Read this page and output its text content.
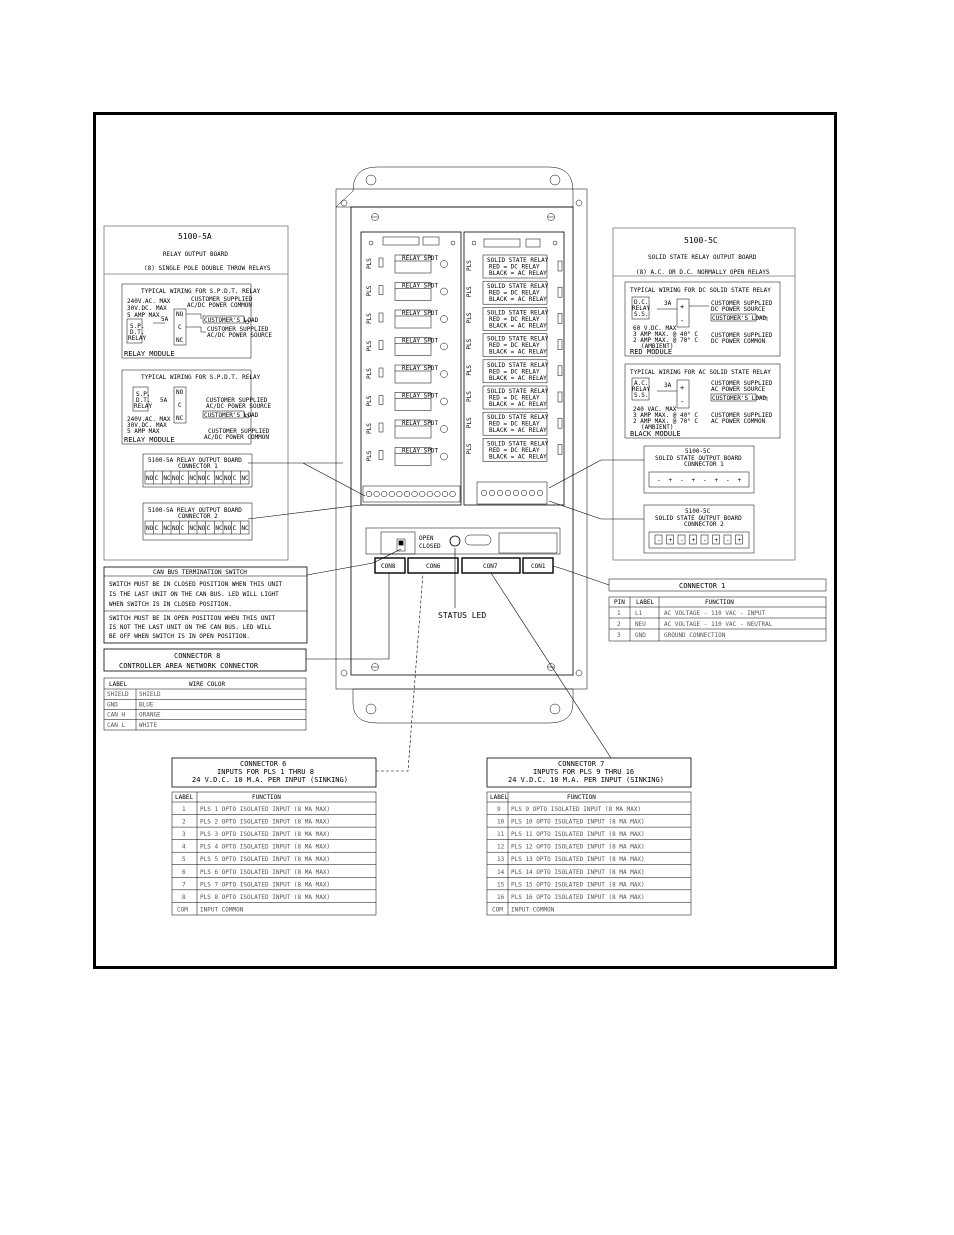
RELAY SPDT
PLS
RELAY SPDT
PLS
RELAY SPDT
PLS
RELAY SPDT
PLS
RELAY SPDT
PLS
RELAY SPDT
PLS
RELAY SPDT
PLS
RELAY SPDT
PLS
SOLID STATE RELAY
RED = DC RELAY
BLACK = AC RELAY
PLS
SOLID STATE RELAY
RED = DC RELAY
BLACK = AC RELAY
PLS
SOLID STATE RELAY
RED = DC RELAY
BLACK = AC RELAY
PLS
SOLID STATE RELAY
RED = DC RELAY
BLACK = AC RELAY
PLS
SOLID STATE RELAY
RED = DC RELAY
BLACK = AC RELAY
PLS
SOLID STATE RELAY
RED = DC RELAY
BLACK = AC RELAY
PLS
SOLID STATE RELAY
RED = DC RELAY
BLACK = AC RELAY
PLS
SOLID STATE RELAY
RED = DC RELAY
BLACK = AC RELAY
PLS
OPEN
CLOSED
CON8	CON6	CON7	CON1
STATUS LED
5100-5A
RELAY OUTPUT BOARD
(8) SINGLE POLE DOUBLE THROW RELAYS
TYPICAL WIRING FOR S.P.D.T. RELAY
240V.AC. MAX
30V.DC. MAX
5 AMP MAX
S.P.
D.T.
RELAY
NO
C
NC
5A
CUSTOMER SUPPLIED
AC/DC POWER COMMON
CUSTOMER'S LOAD
CUSTOMER SUPPLIED
AC/DC POWER SOURCE
RELAY MODULE
TYPICAL WIRING FOR S.P.D.T. RELAY
S.P.
D.T.
RELAY
NO
C
NC
5A
240V.AC. MAX
30V.DC. MAX
5 AMP MAX
CUSTOMER SUPPLIED
AC/DC POWER SOURCE
CUSTOMER'S LOAD
CUSTOMER SUPPLIED
AC/DC POWER COMMON
RELAY MODULE
5100-5A RELAY OUTPUT BOARD
CONNECTOR 1
NO C NC NO C NC NO C NC NO C NC
5100-5A RELAY OUTPUT BOARD
CONNECTOR 2
NO C NC NO C NC NO C NC NO C NC
5100-5C
SOLID STATE RELAY OUTPUT BOARD
(8) A.C. OR D.C. NORMALLY OPEN RELAYS
TYPICAL WIRING FOR DC SOLID STATE RELAY
D.C.
RELAY
S.S.
3A +
-
CUSTOMER SUPPLIED
DC POWER SOURCE
CUSTOMER'S LOAD
CUSTOMER SUPPLIED
DC POWER COMMON
60 V.DC. MAX
3 AMP MAX. @ 40° C
2 AMP MAX. @ 70° C
(AMBIENT)
RED MODULE
TYPICAL WIRING FOR AC SOLID STATE RELAY
A.C.
RELAY
S.S.
3A +
-
CUSTOMER SUPPLIED
AC POWER SOURCE
CUSTOMER'S LOAD
CUSTOMER SUPPLIED
AC POWER COMMON
240 VAC. MAX
3 AMP MAX. @ 40° C
2 AMP MAX. @ 70° C
(AMBIENT)
BLACK MODULE
5100-5C
SOLID STATE OUTPUT BOARD
CONNECTOR 1
- + - + - + - +
5100-5C
SOLID STATE OUTPUT BOARD
CONNECTOR 2
- + - + - + - +
CAN BUS TERMINATION SWITCH
SWITCH MUST BE IN CLOSED POSITION WHEN THIS UNIT
IS THE LAST UNIT ON THE CAN BUS. LED WILL LIGHT
WHEN SWITCH IS IN CLOSED POSITION.
SWITCH MUST BE IN OPEN POSITION WHEN THIS UNIT
IS NOT THE LAST UNIT ON THE CAN BUS. LED WILL
BE OFF WHEN SWITCH IS IN OPEN POSITION.
CONNECTOR 8
CONTROLLER AREA NETWORK CONNECTOR
LABEL	WIRE COLOR
SHIELD SHIELD
GND	BLUE
CAN H ORANGE
CAN L WHITE
CONNECTOR 1
PIN LABEL	FUNCTION
1 L1	AC VOLTAGE - 110 VAC - INPUT
2 NEU	AC VOLTAGE - 110 VAC - NEUTRAL
3 GND	GROUND CONNECTION
CONNECTOR 6
INPUTS FOR PLS 1 THRU 8
24 V.D.C. 10 M.A. PER INPUT (SINKING)
LABEL	FUNCTION
1 PLS 1 OPTO ISOLATED INPUT (8 MA MAX)
2 PLS 2 OPTO ISOLATED INPUT (8 MA MAX)
3 PLS 3 OPTO ISOLATED INPUT (8 MA MAX)
4 PLS 4 OPTO ISOLATED INPUT (8 MA MAX)
5 PLS 5 OPTO ISOLATED INPUT (8 MA MAX)
6 PLS 6 OPTO ISOLATED INPUT (8 MA MAX)
7 PLS 7 OPTO ISOLATED INPUT (8 MA MAX)
8 PLS 8 OPTO ISOLATED INPUT (8 MA MAX)
COM INPUT COMMON
CONNECTOR 7
INPUTS FOR PLS 9 THRU 16
24 V.D.C. 10 M.A. PER INPUT (SINKING)
LABEL	FUNCTION
9 PLS 9 OPTO ISOLATED INPUT (8 MA MAX)
10 PLS 10 OPTO ISOLATED INPUT (8 MA MAX)
11 PLS 11 OPTO ISOLATED INPUT (8 MA MAX)
12 PLS 12 OPTO ISOLATED INPUT (8 MA MAX)
13 PLS 13 OPTO ISOLATED INPUT (8 MA MAX)
14 PLS 14 OPTO ISOLATED INPUT (8 MA MAX)
15 PLS 15 OPTO ISOLATED INPUT (8 MA MAX)
16 PLS 16 OPTO ISOLATED INPUT (8 MA MAX)
COM INPUT COMMON
